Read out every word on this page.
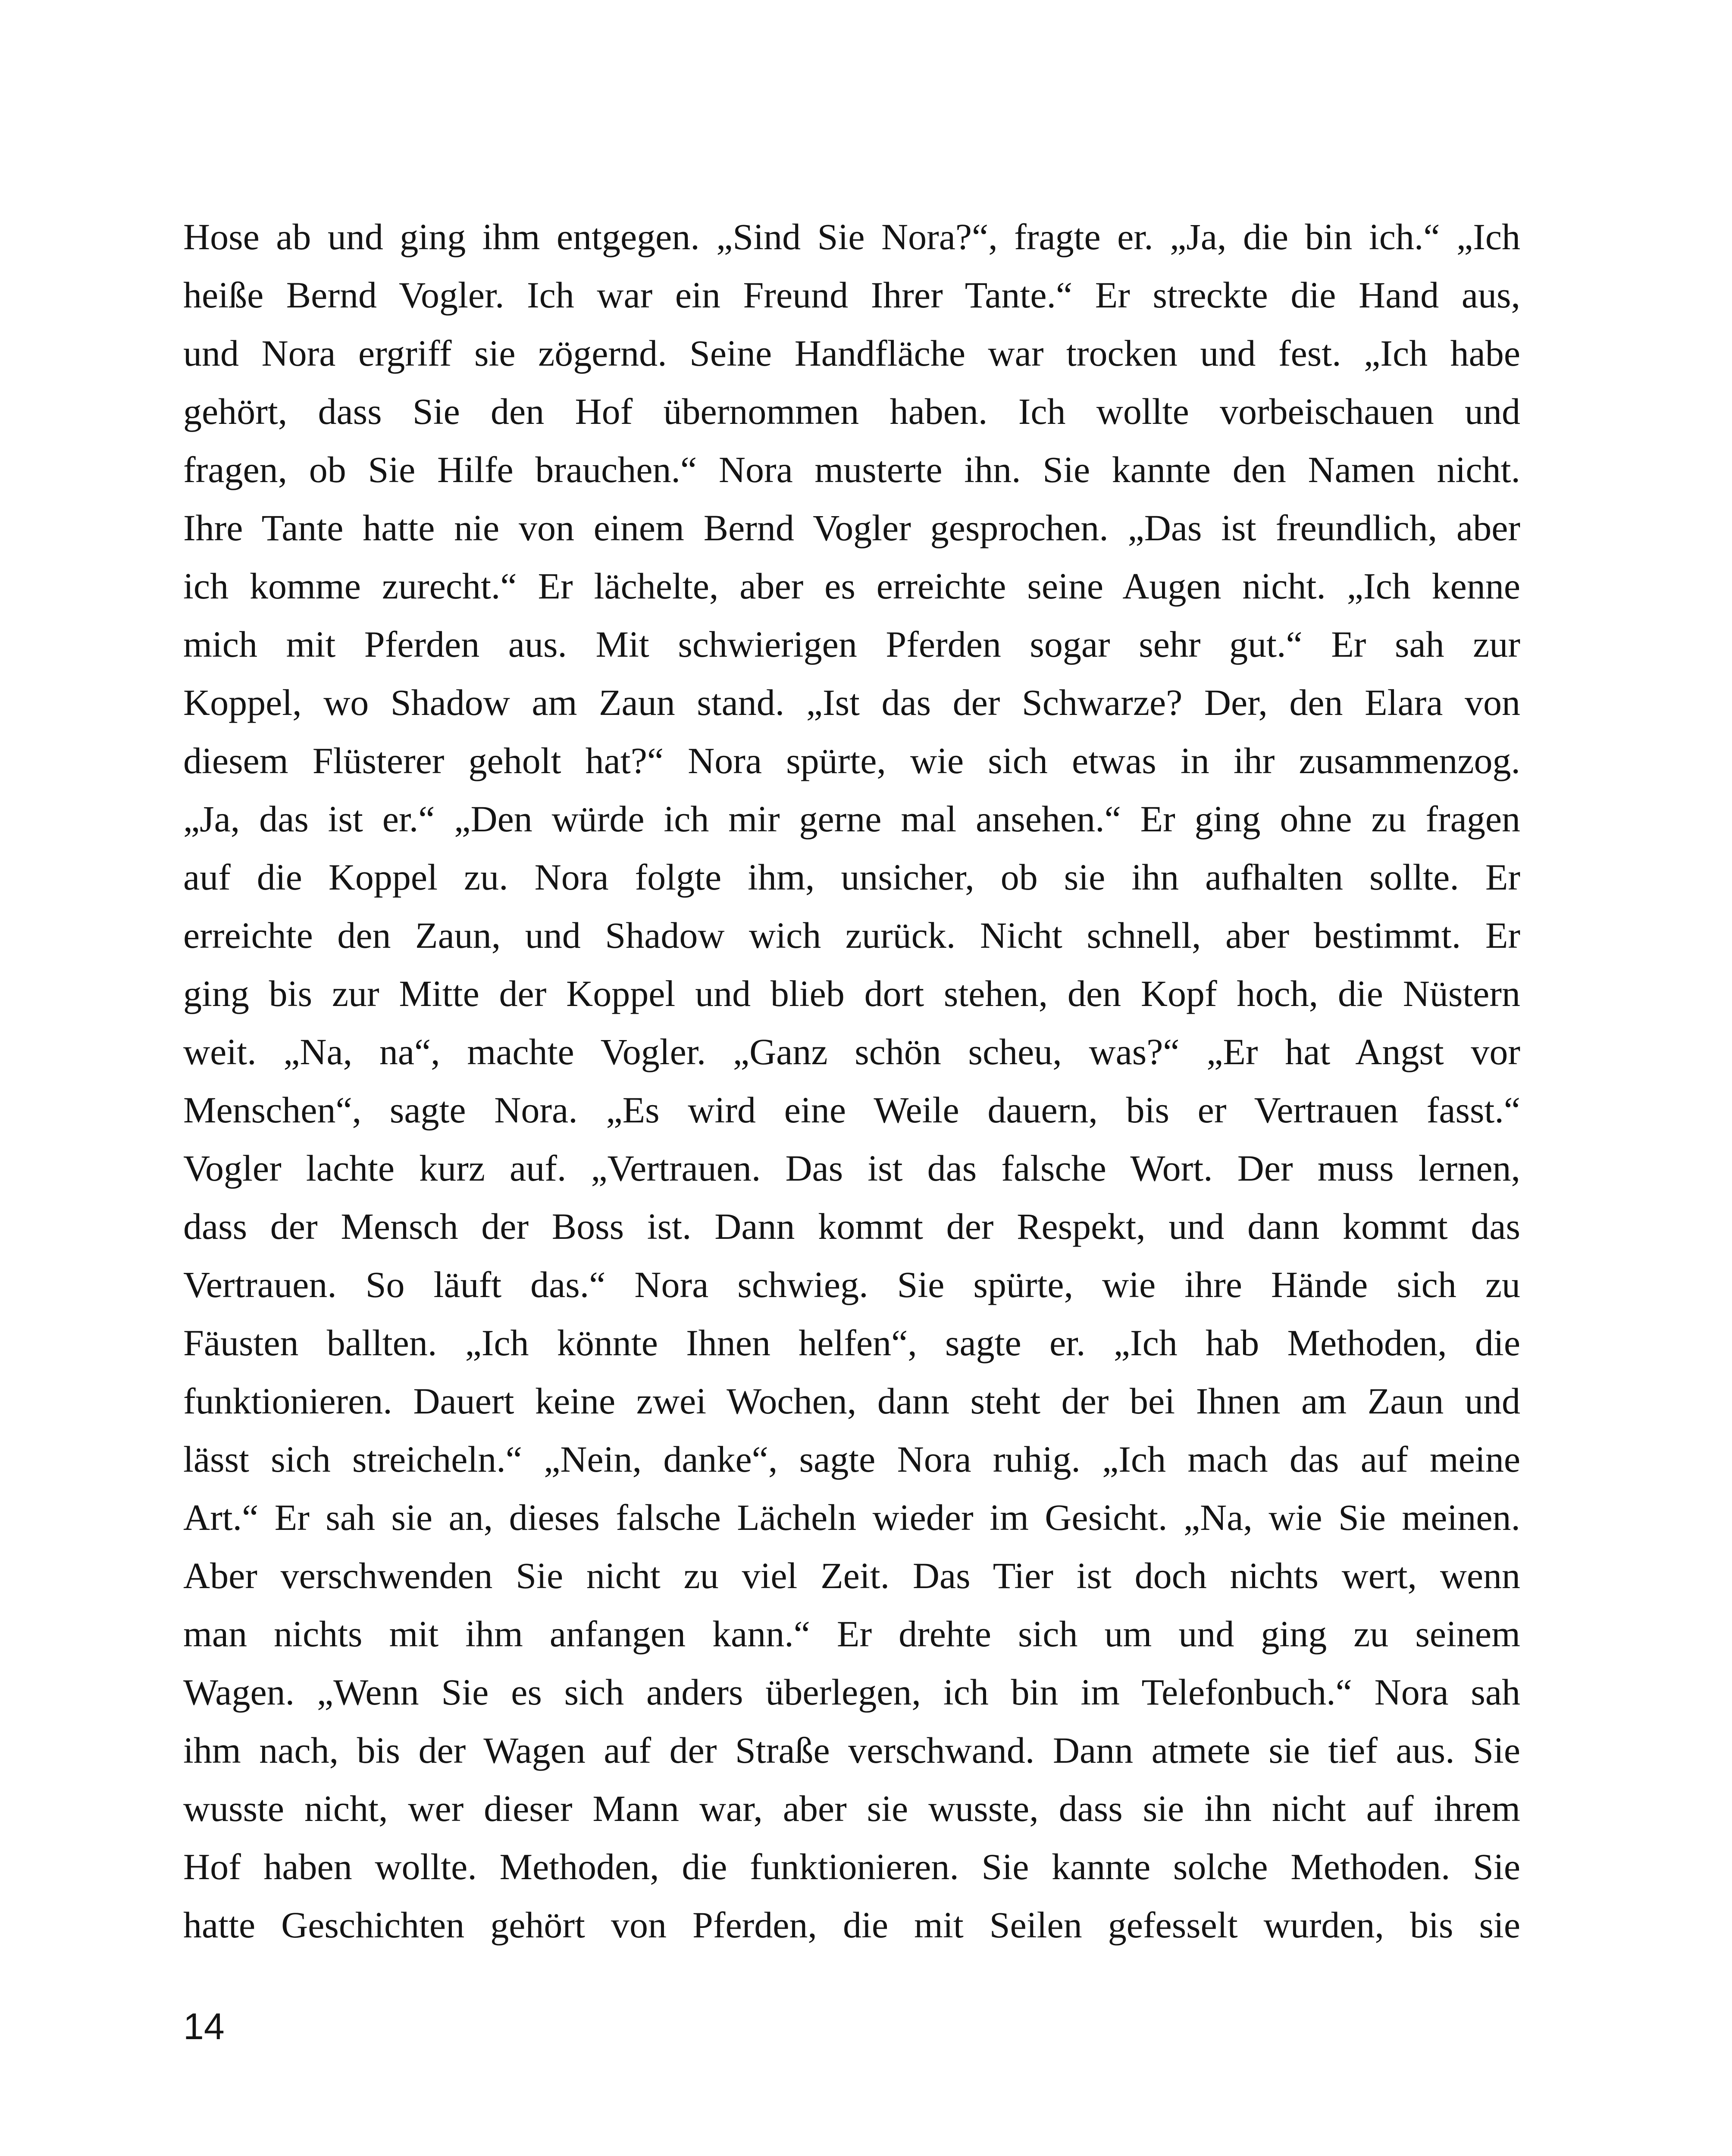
Hose ab und ging ihm entgegen. „Sind Sie Nora?“, fragte er. „Ja, die bin ich.“ „Ich
heiße Bernd Vogler. Ich war ein Freund Ihrer Tante.“ Er streckte die Hand aus,
und Nora ergriff sie zögernd. Seine Handfläche war trocken und fest. „Ich habe
gehört, dass Sie den Hof übernommen haben. Ich wollte vorbeischauen und
fragen, ob Sie Hilfe brauchen.“ Nora musterte ihn. Sie kannte den Namen nicht.
Ihre Tante hatte nie von einem Bernd Vogler gesprochen. „Das ist freundlich, aber
ich komme zurecht.“ Er lächelte, aber es erreichte seine Augen nicht. „Ich kenne
mich mit Pferden aus. Mit schwierigen Pferden sogar sehr gut.“ Er sah zur
Koppel, wo Shadow am Zaun stand. „Ist das der Schwarze? Der, den Elara von
diesem Flüsterer geholt hat?“ Nora spürte, wie sich etwas in ihr zusammenzog.
„Ja, das ist er.“ „Den würde ich mir gerne mal ansehen.“ Er ging ohne zu fragen
auf die Koppel zu. Nora folgte ihm, unsicher, ob sie ihn aufhalten sollte. Er
erreichte den Zaun, und Shadow wich zurück. Nicht schnell, aber bestimmt. Er
ging bis zur Mitte der Koppel und blieb dort stehen, den Kopf hoch, die Nüstern
weit. „Na, na“, machte Vogler. „Ganz schön scheu, was?“ „Er hat Angst vor
Menschen“, sagte Nora. „Es wird eine Weile dauern, bis er Vertrauen fasst.“
Vogler lachte kurz auf. „Vertrauen. Das ist das falsche Wort. Der muss lernen,
dass der Mensch der Boss ist. Dann kommt der Respekt, und dann kommt das
Vertrauen. So läuft das.“ Nora schwieg. Sie spürte, wie ihre Hände sich zu
Fäusten ballten. „Ich könnte Ihnen helfen“, sagte er. „Ich hab Methoden, die
funktionieren. Dauert keine zwei Wochen, dann steht der bei Ihnen am Zaun und
lässt sich streicheln.“ „Nein, danke“, sagte Nora ruhig. „Ich mach das auf meine
Art.“ Er sah sie an, dieses falsche Lächeln wieder im Gesicht. „Na, wie Sie meinen.
Aber verschwenden Sie nicht zu viel Zeit. Das Tier ist doch nichts wert, wenn
man nichts mit ihm anfangen kann.“ Er drehte sich um und ging zu seinem
Wagen. „Wenn Sie es sich anders überlegen, ich bin im Telefonbuch.“ Nora sah
ihm nach, bis der Wagen auf der Straße verschwand. Dann atmete sie tief aus. Sie
wusste nicht, wer dieser Mann war, aber sie wusste, dass sie ihn nicht auf ihrem
Hof haben wollte. Methoden, die funktionieren. Sie kannte solche Methoden. Sie
hatte Geschichten gehört von Pferden, die mit Seilen gefesselt wurden, bis sie
14
